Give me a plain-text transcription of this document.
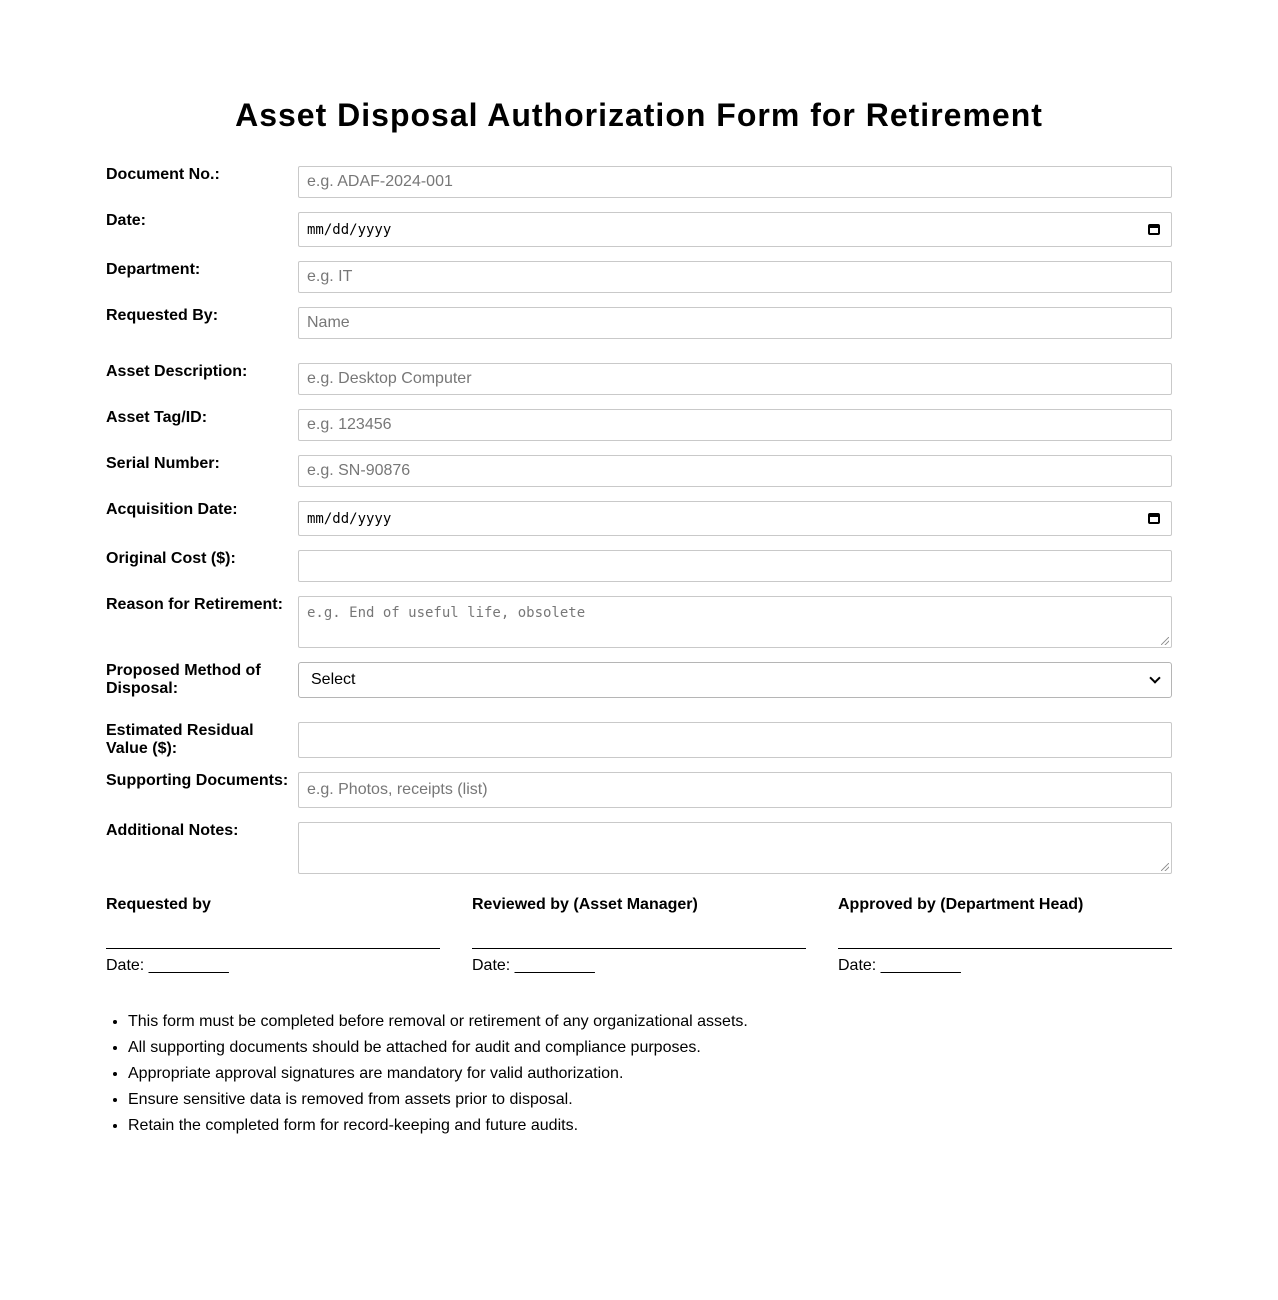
Asset Disposal Authorization Form for Retirement
Document No.:	e.g. ADAF-2024-001
Date:
mm/dd/yyyy
Department:	e.g. IT
Requested By:	Name
Asset Description:	e.g. Desktop Computer
Asset Tag/ID:	e.g. 123456
Serial Number:	e.g. SN-90876
Acquisition Date:
mm/dd/yyyy
Original Cost ($):
Reason for Retirement:	e.g. End of useful life, obsolete
Proposed Method of Disposal:
Select
Estimated Residual Value ($):
Supporting Documents:
e.g. Photos, receipts (list)
Additional Notes:
Requested by
Date: _________
Reviewed by (Asset Manager)
Date: _________
Approved by (Department Head)
Date: _________
• This form must be completed before removal or retirement of any organizational assets.
• All supporting documents should be attached for audit and compliance purposes.
• Appropriate approval signatures are mandatory for valid authorization.
• Ensure sensitive data is removed from assets prior to disposal.
• Retain the completed form for record-keeping and future audits.
